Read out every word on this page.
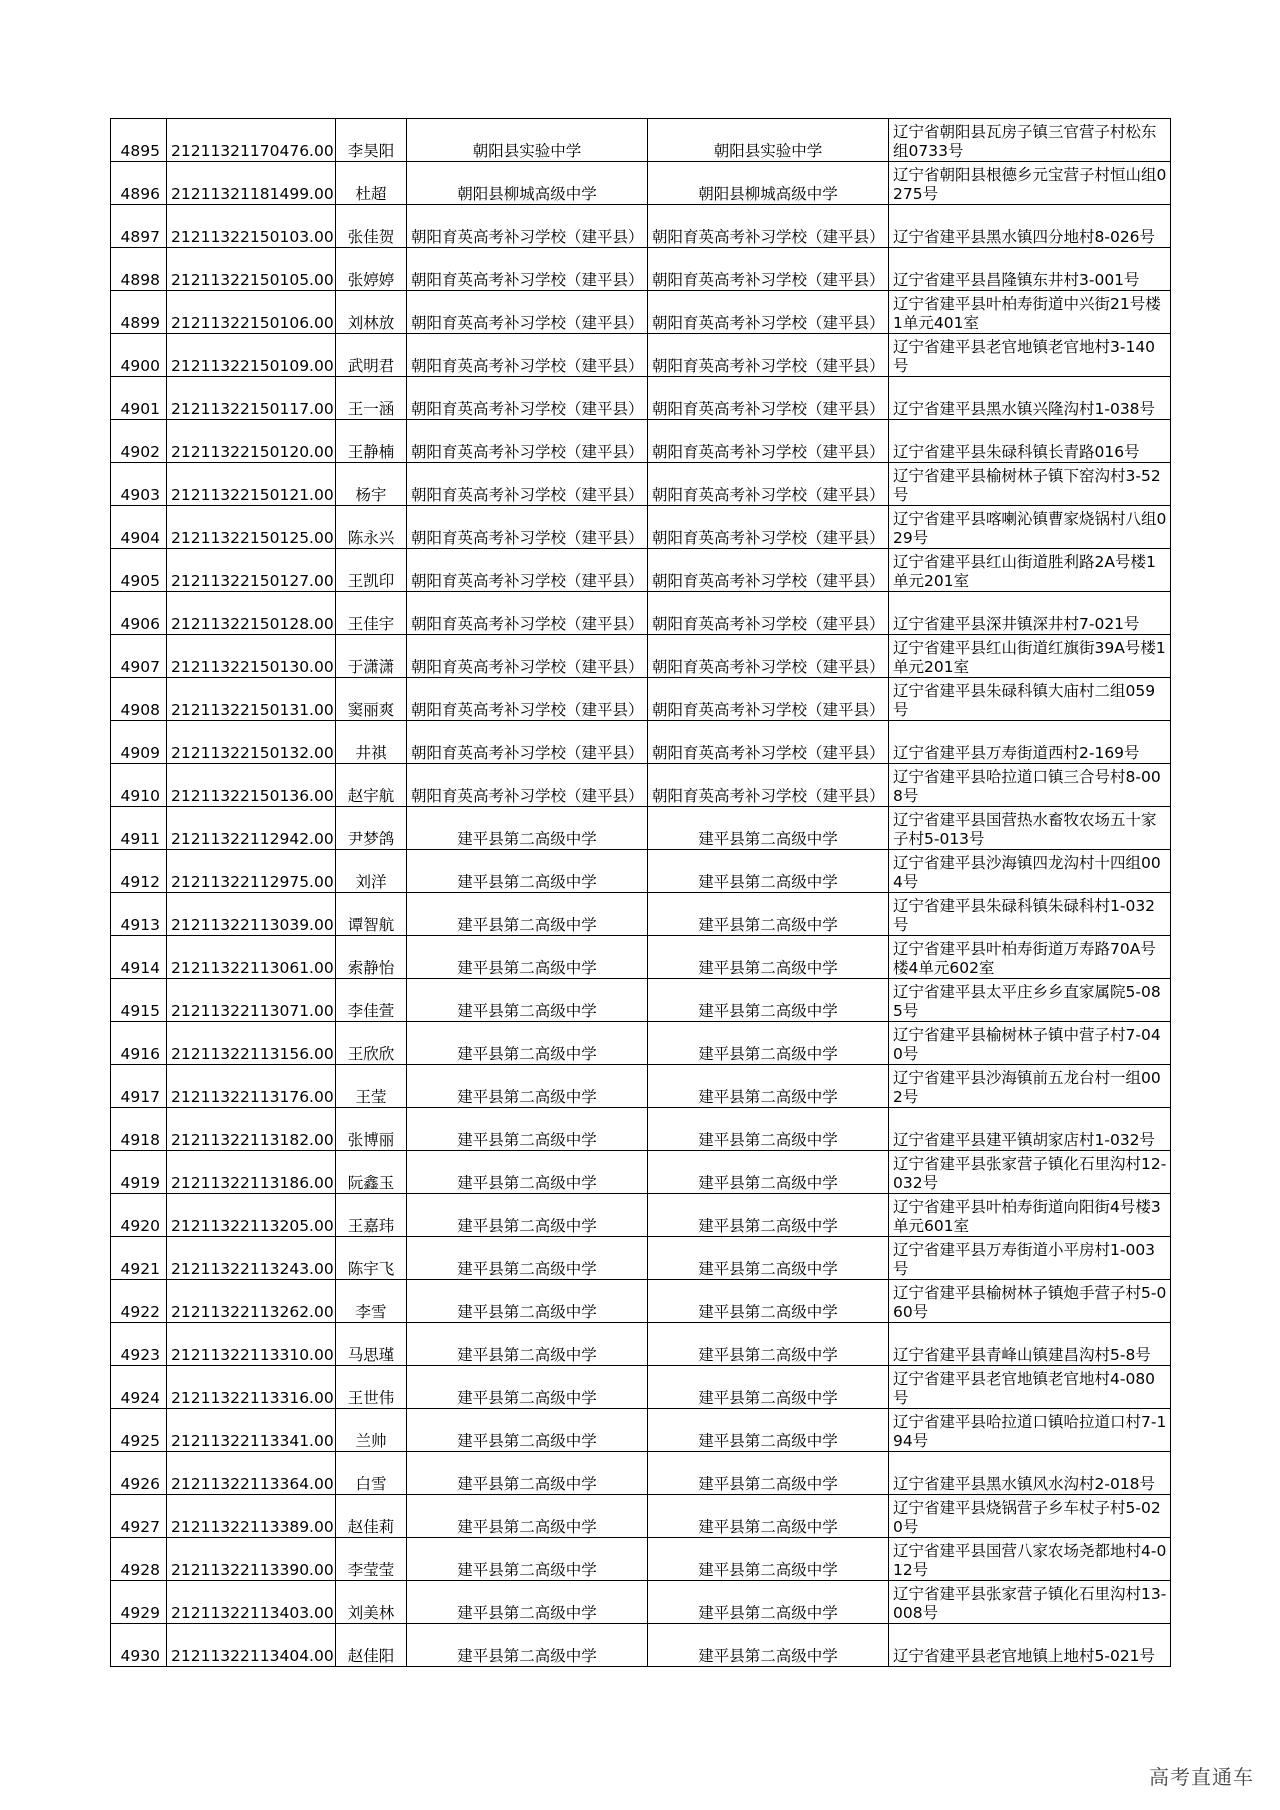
4895	21211321170476.00	李昊阳	朝阳县实验中学	朝阳县实验中学	辽宁省朝阳县瓦房子镇三官营子村松东组0733号
4896	21211321181499.00	杜超	朝阳县柳城高级中学	朝阳县柳城高级中学	辽宁省朝阳县根德乡元宝营子村恒山组0275号
4897	21211322150103.00	张佳贺	朝阳育英高考补习学校（建平县）	朝阳育英高考补习学校（建平县）	辽宁省建平县黑水镇四分地村8-026号
4898	21211322150105.00	张婷婷	朝阳育英高考补习学校（建平县）	朝阳育英高考补习学校（建平县）	辽宁省建平县昌隆镇东井村3-001号
4899	21211322150106.00	刘林放	朝阳育英高考补习学校（建平县）	朝阳育英高考补习学校（建平县）	辽宁省建平县叶柏寿街道中兴街21号楼1单元401室
4900	21211322150109.00	武明君	朝阳育英高考补习学校（建平县）	朝阳育英高考补习学校（建平县）	辽宁省建平县老官地镇老官地村3-140号
4901	21211322150117.00	王一涵	朝阳育英高考补习学校（建平县）	朝阳育英高考补习学校（建平县）	辽宁省建平县黑水镇兴隆沟村1-038号
4902	21211322150120.00	王静楠	朝阳育英高考补习学校（建平县）	朝阳育英高考补习学校（建平县）	辽宁省建平县朱碌科镇长青路016号
4903	21211322150121.00	杨宇	朝阳育英高考补习学校（建平县）	朝阳育英高考补习学校（建平县）	辽宁省建平县榆树林子镇下窑沟村3-52号
4904	21211322150125.00	陈永兴	朝阳育英高考补习学校（建平县）	朝阳育英高考补习学校（建平县）	辽宁省建平县喀喇沁镇曹家烧锅村八组029号
4905	21211322150127.00	王凯印	朝阳育英高考补习学校（建平县）	朝阳育英高考补习学校（建平县）	辽宁省建平县红山街道胜利路2A号楼1单元201室
4906	21211322150128.00	王佳宇	朝阳育英高考补习学校（建平县）	朝阳育英高考补习学校（建平县）	辽宁省建平县深井镇深井村7-021号
4907	21211322150130.00	于潇潇	朝阳育英高考补习学校（建平县）	朝阳育英高考补习学校（建平县）	辽宁省建平县红山街道红旗街39A号楼1单元201室
4908	21211322150131.00	窦丽爽	朝阳育英高考补习学校（建平县）	朝阳育英高考补习学校（建平县）	辽宁省建平县朱碌科镇大庙村二组059号
4909	21211322150132.00	井祺	朝阳育英高考补习学校（建平县）	朝阳育英高考补习学校（建平县）	辽宁省建平县万寿街道西村2-169号
4910	21211322150136.00	赵宇航	朝阳育英高考补习学校（建平县）	朝阳育英高考补习学校（建平县）	辽宁省建平县哈拉道口镇三合号村8-008号
4911	21211322112942.00	尹梦鸽	建平县第二高级中学	建平县第二高级中学	辽宁省建平县国营热水畜牧农场五十家子村5-013号
4912	21211322112975.00	刘洋	建平县第二高级中学	建平县第二高级中学	辽宁省建平县沙海镇四龙沟村十四组004号
4913	21211322113039.00	谭智航	建平县第二高级中学	建平县第二高级中学	辽宁省建平县朱碌科镇朱碌科村1-032号
4914	21211322113061.00	索静怡	建平县第二高级中学	建平县第二高级中学	辽宁省建平县叶柏寿街道万寿路70A号楼4单元602室
4915	21211322113071.00	李佳萱	建平县第二高级中学	建平县第二高级中学	辽宁省建平县太平庄乡乡直家属院5-085号
4916	21211322113156.00	王欣欣	建平县第二高级中学	建平县第二高级中学	辽宁省建平县榆树林子镇中营子村7-040号
4917	21211322113176.00	王莹	建平县第二高级中学	建平县第二高级中学	辽宁省建平县沙海镇前五龙台村一组002号
4918	21211322113182.00	张博丽	建平县第二高级中学	建平县第二高级中学	辽宁省建平县建平镇胡家店村1-032号
4919	21211322113186.00	阮鑫玉	建平县第二高级中学	建平县第二高级中学	辽宁省建平县张家营子镇化石里沟村12-032号
4920	21211322113205.00	王嘉玮	建平县第二高级中学	建平县第二高级中学	辽宁省建平县叶柏寿街道向阳街4号楼3单元601室
4921	21211322113243.00	陈宇飞	建平县第二高级中学	建平县第二高级中学	辽宁省建平县万寿街道小平房村1-003号
4922	21211322113262.00	李雪	建平县第二高级中学	建平县第二高级中学	辽宁省建平县榆树林子镇炮手营子村5-060号
4923	21211322113310.00	马思瑾	建平县第二高级中学	建平县第二高级中学	辽宁省建平县青峰山镇建昌沟村5-8号
4924	21211322113316.00	王世伟	建平县第二高级中学	建平县第二高级中学	辽宁省建平县老官地镇老官地村4-080号
4925	21211322113341.00	兰帅	建平县第二高级中学	建平县第二高级中学	辽宁省建平县哈拉道口镇哈拉道口村7-194号
4926	21211322113364.00	白雪	建平县第二高级中学	建平县第二高级中学	辽宁省建平县黑水镇风水沟村2-018号
4927	21211322113389.00	赵佳莉	建平县第二高级中学	建平县第二高级中学	辽宁省建平县烧锅营子乡车杖子村5-020号
4928	21211322113390.00	李莹莹	建平县第二高级中学	建平县第二高级中学	辽宁省建平县国营八家农场尧都地村4-012号
4929	21211322113403.00	刘美林	建平县第二高级中学	建平县第二高级中学	辽宁省建平县张家营子镇化石里沟村13-008号
4930	21211322113404.00	赵佳阳	建平县第二高级中学	建平县第二高级中学	辽宁省建平县老官地镇上地村5-021号
高考直通车
